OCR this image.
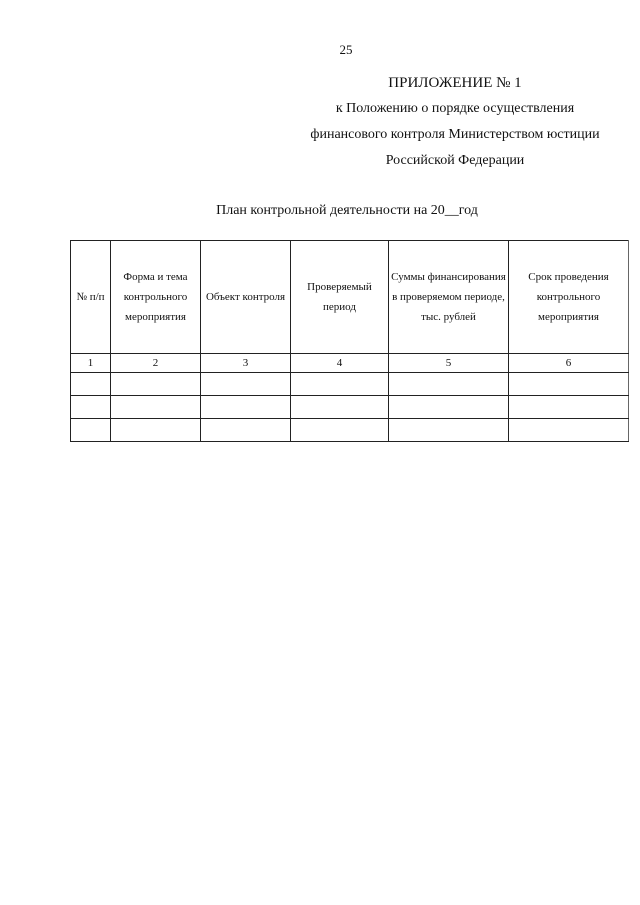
25
ПРИЛОЖЕНИЕ № 1
к Положению о порядке осуществления
финансового контроля Министерством юстиции
Российской Федерации
План контрольной деятельности на 20__год
№ п/п	Форма и тема контрольного мероприятия	Объект контроля	Проверяемый период	Суммы финансирования в проверяемом периоде, тыс. рублей	Срок проведения контрольного мероприятия
1	2	3	4	5	6
